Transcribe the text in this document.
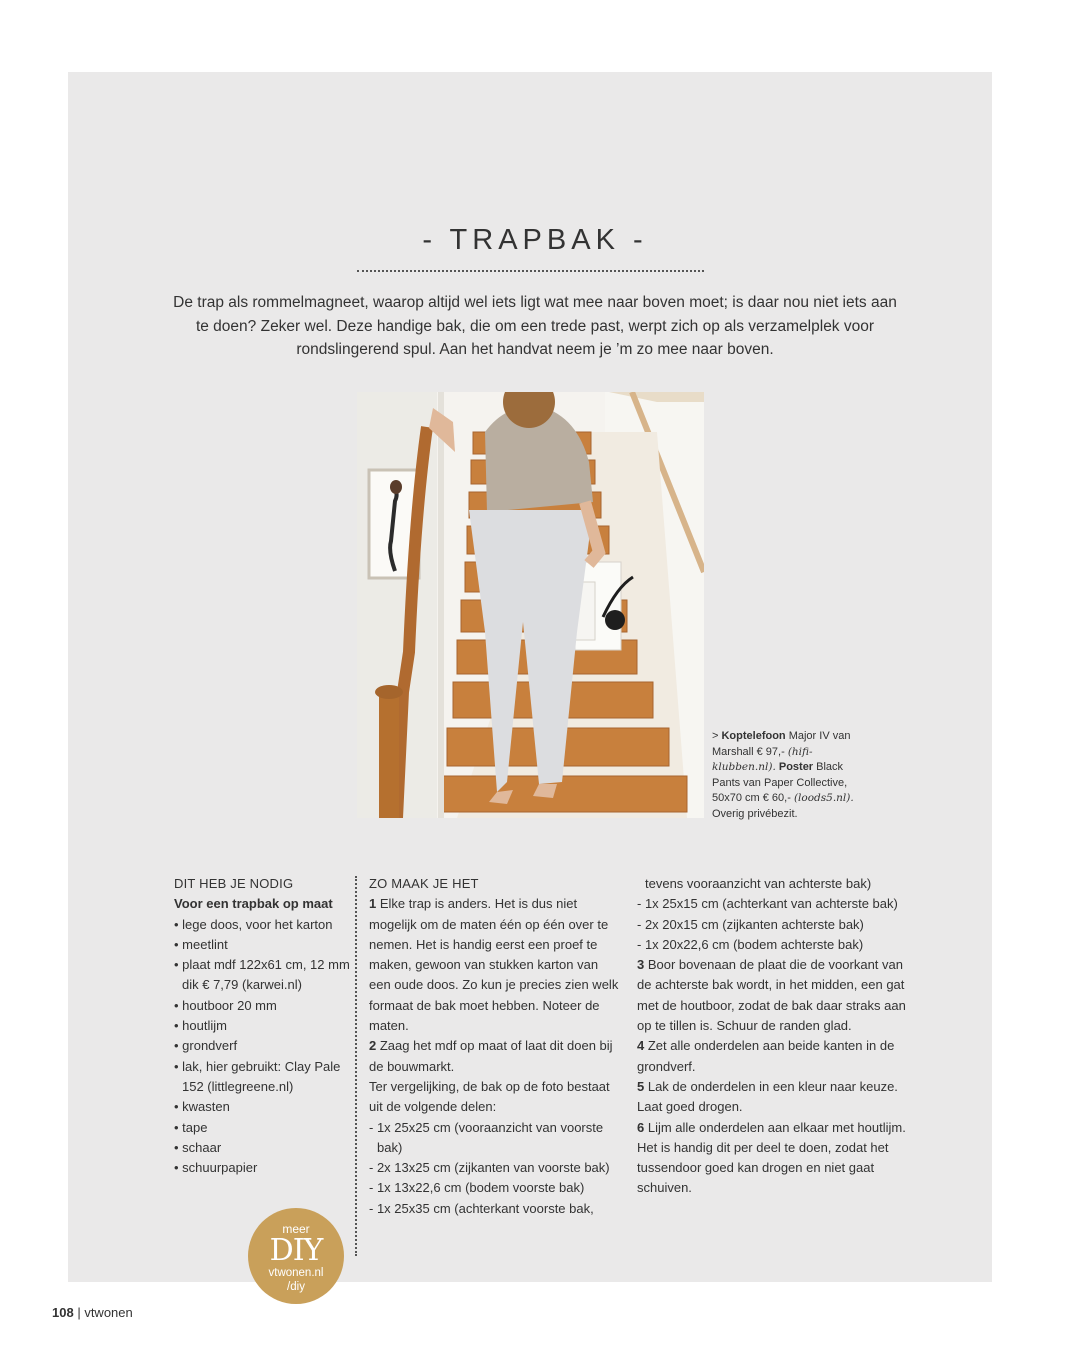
- TRAPBAK -
De trap als rommelmagneet, waarop altijd wel iets ligt wat mee naar boven moet; is daar nou niet iets aan te doen? Zeker wel. Deze handige bak, die om een trede past, werpt zich op als verzamelplek voor rondslingerend spul. Aan het handvat neem je ’m zo mee naar boven.
> Koptelefoon Major IV van Marshall € 97,- (hifi-klubben.nl). Poster Black Pants van Paper Collective, 50x70 cm € 60,- (loods5.nl). Overig privébezit.

DIT HEB JE NODIG

Voor een trapbak op maat

• lege doos, voor het karton

• meetlint

• plaat mdf 122x61 cm, 12 mm dik € 7,79 (karwei.nl)

• houtboor 20 mm

• houtlijm

• grondverf

• lak, hier gebruikt: Clay Pale 152 (littlegreene.nl)

• kwasten

• tape

• schaar

• schuurpapier

ZO MAAK JE HET

1 Elke trap is anders. Het is dus niet mogelijk om de maten één op één over te nemen. Het is handig eerst een proef te maken, gewoon van stukken karton van een oude doos. Zo kun je precies zien welk formaat de bak moet hebben. Noteer de maten.

2 Zaag het mdf op maat of laat dit doen bij de bouwmarkt.

Ter vergelijking, de bak op de foto bestaat uit de volgende delen:

- 1x 25x25 cm (vooraanzicht van voorste bak)

- 2x 13x25 cm (zijkanten van voorste bak)

- 1x 13x22,6 cm (bodem voorste bak)

- 1x 25x35 cm (achterkant voorste bak,

tevens vooraanzicht van achterste bak)

- 1x 25x15 cm (achterkant van achterste bak)

- 2x 20x15 cm (zijkanten achterste bak)

- 1x 20x22,6 cm (bodem achterste bak)

3 Boor bovenaan de plaat die de voorkant van de achterste bak wordt, in het midden, een gat met de houtboor, zodat de bak daar straks aan op te tillen is. Schuur de randen glad.

4 Zet alle onderdelen aan beide kanten in de grondverf.

5 Lak de onderdelen in een kleur naar keuze. Laat goed drogen.

6 Lijm alle onderdelen aan elkaar met houtlijm. Het is handig dit per deel te doen, zodat het tussendoor goed kan drogen en niet gaat schuiven.

meer
DIY
vtwonen.nl
/diy
108 | vtwonen
